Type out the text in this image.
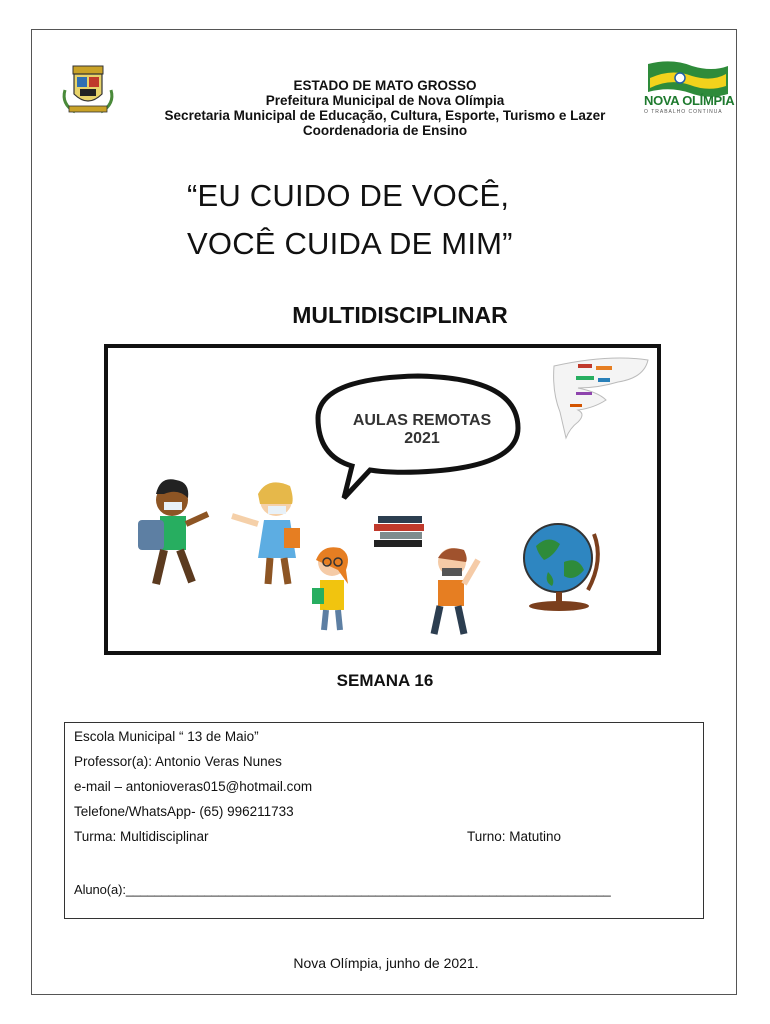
NOVA OLÍMPIA
O TRABALHO CONTINUA
ESTADO DE MATO GROSSO
Prefeitura Municipal de Nova Olímpia
Secretaria Municipal de Educação, Cultura, Esporte, Turismo e Lazer
Coordenadoria de Ensino
“EU CUIDO DE VOCÊ,
VOCÊ CUIDA DE MIM”
MULTIDISCIPLINAR
AULAS REMOTAS
2021
SEMANA 16
Escola Municipal “ 13 de Maio”
Professor(a): Antonio Veras Nunes
e-mail – antonioveras015@hotmail.com
Telefone/WhatsApp- (65) 996211733
Turma: Multidisciplinar	Turno: Matutino
Aluno(a):____________________________________________________________________
Nova Olímpia, junho de 2021.
